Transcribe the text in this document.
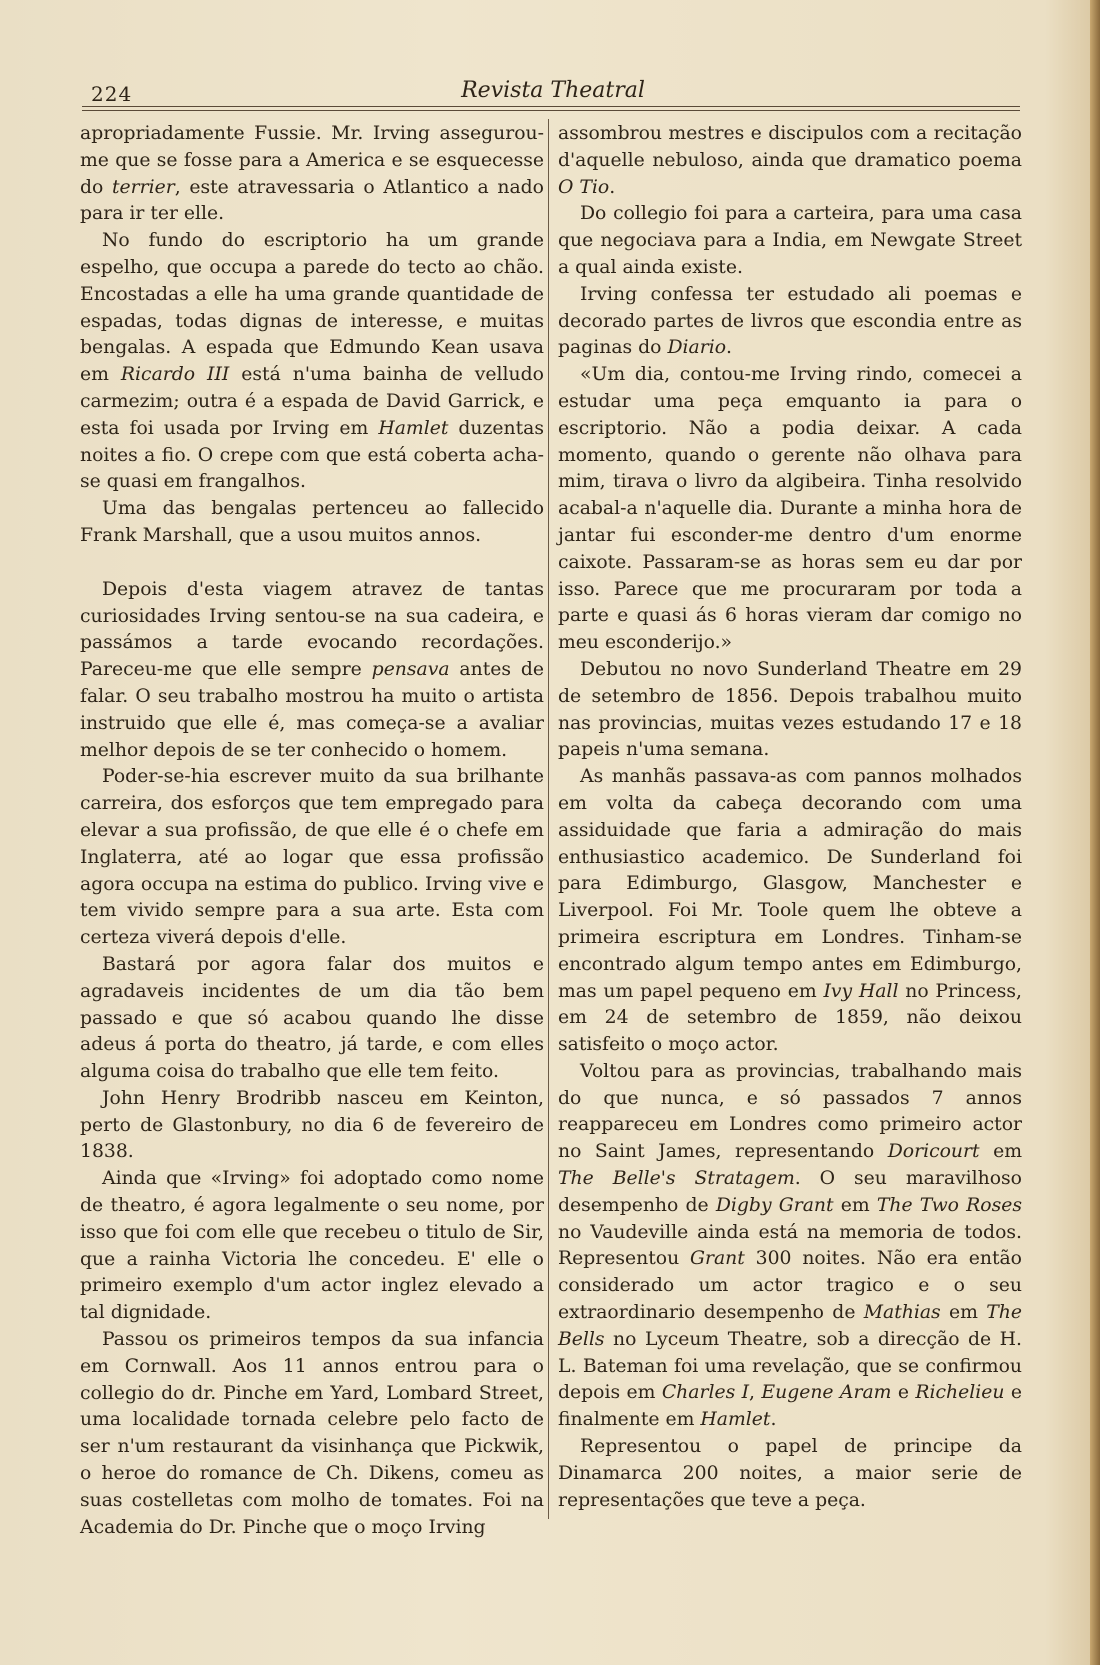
224	Revista Theatral

apropriadamente Fussie. Mr. Irving assegurou-me que se fosse para a America e se esquecesse do terrier, este atravessaria o Atlantico a nado para ir ter elle.

No fundo do escriptorio ha um grande espelho, que occupa a parede do tecto ao chão. Encostadas a elle ha uma grande quantidade de espadas, todas dignas de interesse, e muitas bengalas. A espada que Edmundo Kean usava em Ricardo III está n'uma bainha de velludo carmezim; outra é a espada de David Garrick, e esta foi usada por Irving em Hamlet duzentas noites a fio. O crepe com que está coberta acha-se quasi em frangalhos.

Uma das bengalas pertenceu ao fallecido Frank Marshall, que a usou muitos annos.

Depois d'esta viagem atravez de tantas curiosidades Irving sentou-se na sua cadeira, e passámos a tarde evocando recordações. Pareceu-me que elle sempre pensava antes de falar. O seu trabalho mostrou ha muito o artista instruido que elle é, mas começa-se a avaliar melhor depois de se ter conhecido o homem.

Poder-se-hia escrever muito da sua brilhante carreira, dos esforços que tem empregado para elevar a sua profissão, de que elle é o chefe em Inglaterra, até ao logar que essa profissão agora occupa na estima do publico. Irving vive e tem vivido sempre para a sua arte. Esta com certeza viverá depois d'elle.

Bastará por agora falar dos muitos e agradaveis incidentes de um dia tão bem passado e que só acabou quando lhe disse adeus á porta do theatro, já tarde, e com elles alguma coisa do trabalho que elle tem feito.

John Henry Brodribb nasceu em Keinton, perto de Glastonbury, no dia 6 de fevereiro de 1838.

Ainda que «Irving» foi adoptado como nome de theatro, é agora legalmente o seu nome, por isso que foi com elle que recebeu o titulo de Sir, que a rainha Victoria lhe concedeu. E' elle o primeiro exemplo d'um actor inglez elevado a tal dignidade.

Passou os primeiros tempos da sua infancia em Cornwall. Aos 11 annos entrou para o collegio do dr. Pinche em Yard, Lombard Street, uma localidade tornada celebre pelo facto de ser n'um restaurant da visinhança que Pickwik, o heroe do romance de Ch. Dikens, comeu as suas costelletas com molho de tomates. Foi na Academia do Dr. Pinche que o moço Irving

assombrou mestres e discipulos com a recitação d'aquelle nebuloso, ainda que dramatico poema O Tio.

Do collegio foi para a carteira, para uma casa que negociava para a India, em Newgate Street a qual ainda existe.

Irving confessa ter estudado ali poemas e decorado partes de livros que escondia entre as paginas do Diario.

«Um dia, contou-me Irving rindo, comecei a estudar uma peça emquanto ia para o escriptorio. Não a podia deixar. A cada momento, quando o gerente não olhava para mim, tirava o livro da algibeira. Tinha resolvido acabal-a n'aquelle dia. Durante a minha hora de jantar fui esconder-me dentro d'um enorme caixote. Passaram-se as horas sem eu dar por isso. Parece que me procuraram por toda a parte e quasi ás 6 horas vieram dar comigo no meu esconderijo.»

Debutou no novo Sunderland Theatre em 29 de setembro de 1856. Depois trabalhou muito nas provincias, muitas vezes estudando 17 e 18 papeis n'uma semana.

As manhãs passava-as com pannos molhados em volta da cabeça decorando com uma assiduidade que faria a admiração do mais enthusiastico academico. De Sunderland foi para Edimburgo, Glasgow, Manchester e Liverpool. Foi Mr. Toole quem lhe obteve a primeira escriptura em Londres. Tinham-se encontrado algum tempo antes em Edimburgo, mas um papel pequeno em Ivy Hall no Princess, em 24 de setembro de 1859, não deixou satisfeito o moço actor.

Voltou para as provincias, trabalhando mais do que nunca, e só passados 7 annos reappareceu em Londres como primeiro actor no Saint James, representando Doricourt em The Belle's Stratagem. O seu maravilhoso desempenho de Digby Grant em The Two Roses no Vaudeville ainda está na memoria de todos. Representou Grant 300 noites. Não era então considerado um actor tragico e o seu extraordinario desempenho de Mathias em The Bells no Lyceum Theatre, sob a direcção de H. L. Bateman foi uma revelação, que se confirmou depois em Charles I, Eugene Aram e Richelieu e finalmente em Hamlet.

Representou o papel de principe da Dinamarca 200 noites, a maior serie de representações que teve a peça.
